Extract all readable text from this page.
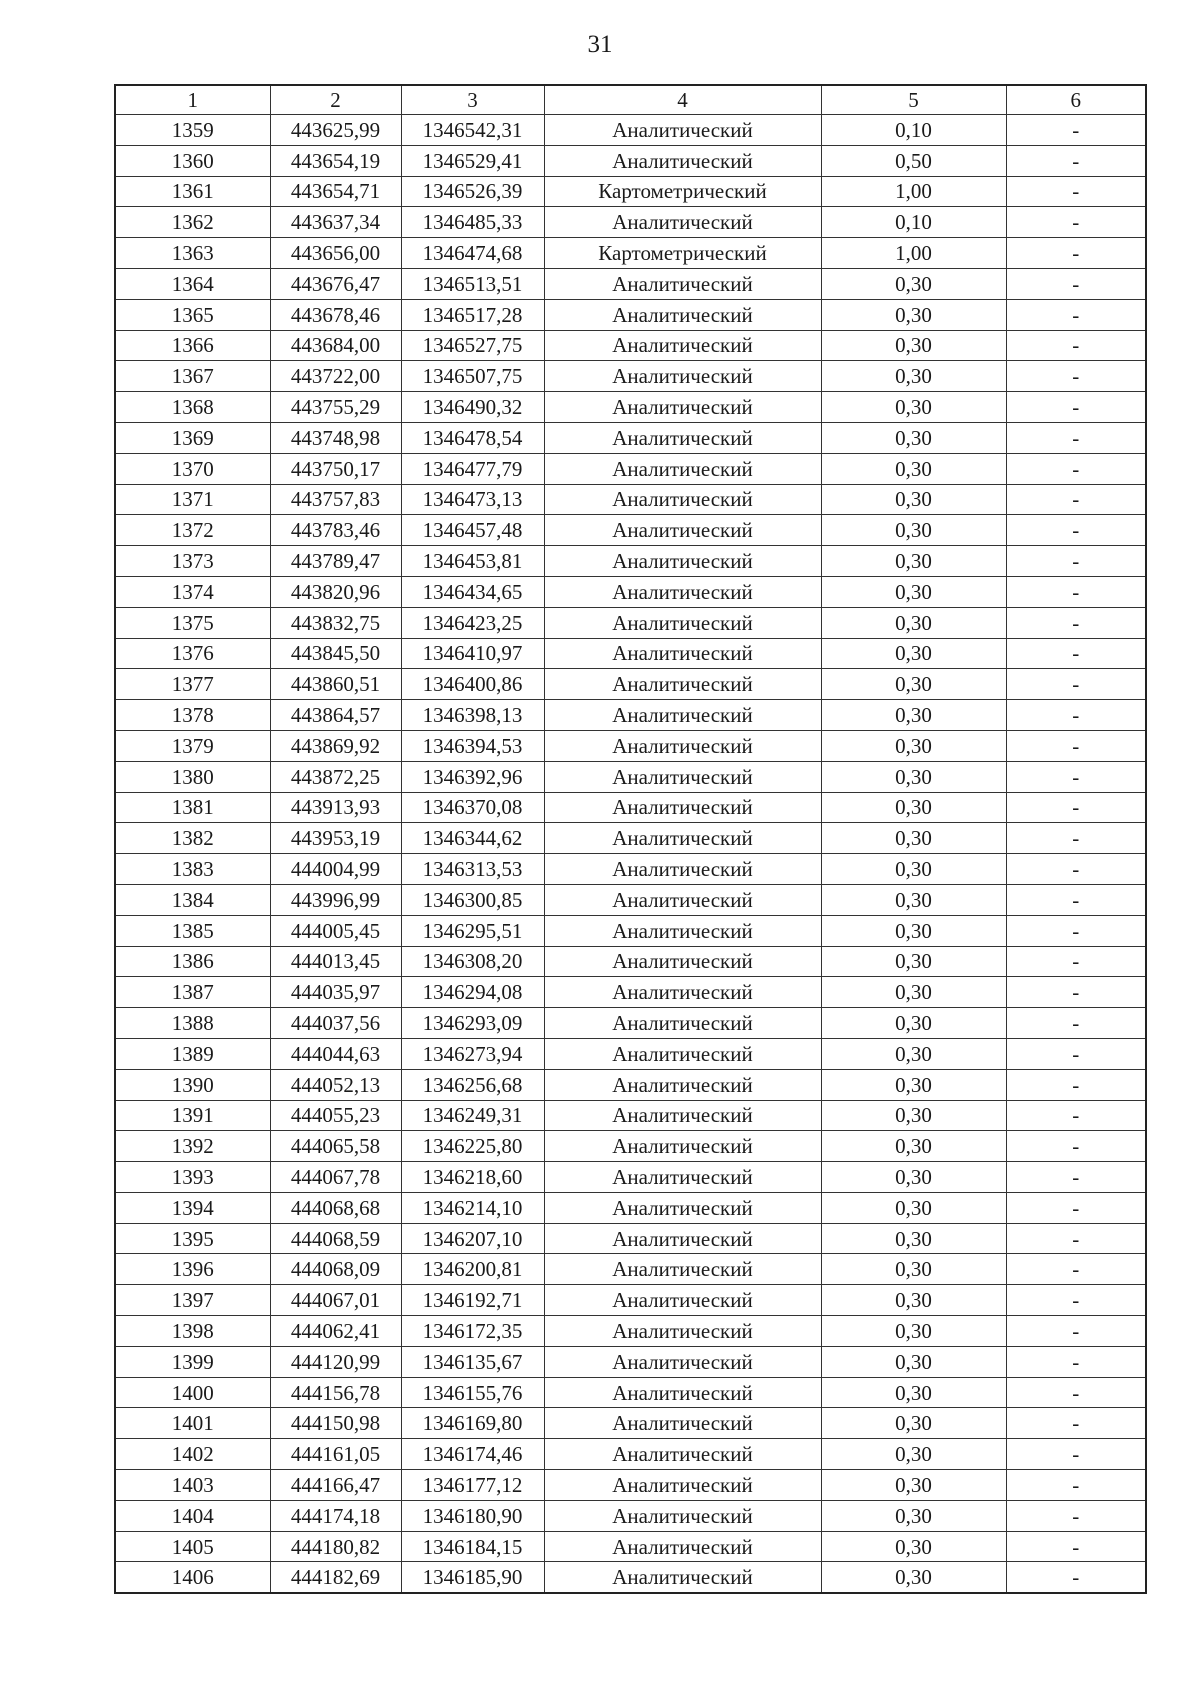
31
1	2	3	4	5	6
1359	443625,99	1346542,31	Аналитический	0,10	-
1360	443654,19	1346529,41	Аналитический	0,50	-
1361	443654,71	1346526,39	Картометрический	1,00	-
1362	443637,34	1346485,33	Аналитический	0,10	-
1363	443656,00	1346474,68	Картометрический	1,00	-
1364	443676,47	1346513,51	Аналитический	0,30	-
1365	443678,46	1346517,28	Аналитический	0,30	-
1366	443684,00	1346527,75	Аналитический	0,30	-
1367	443722,00	1346507,75	Аналитический	0,30	-
1368	443755,29	1346490,32	Аналитический	0,30	-
1369	443748,98	1346478,54	Аналитический	0,30	-
1370	443750,17	1346477,79	Аналитический	0,30	-
1371	443757,83	1346473,13	Аналитический	0,30	-
1372	443783,46	1346457,48	Аналитический	0,30	-
1373	443789,47	1346453,81	Аналитический	0,30	-
1374	443820,96	1346434,65	Аналитический	0,30	-
1375	443832,75	1346423,25	Аналитический	0,30	-
1376	443845,50	1346410,97	Аналитический	0,30	-
1377	443860,51	1346400,86	Аналитический	0,30	-
1378	443864,57	1346398,13	Аналитический	0,30	-
1379	443869,92	1346394,53	Аналитический	0,30	-
1380	443872,25	1346392,96	Аналитический	0,30	-
1381	443913,93	1346370,08	Аналитический	0,30	-
1382	443953,19	1346344,62	Аналитический	0,30	-
1383	444004,99	1346313,53	Аналитический	0,30	-
1384	443996,99	1346300,85	Аналитический	0,30	-
1385	444005,45	1346295,51	Аналитический	0,30	-
1386	444013,45	1346308,20	Аналитический	0,30	-
1387	444035,97	1346294,08	Аналитический	0,30	-
1388	444037,56	1346293,09	Аналитический	0,30	-
1389	444044,63	1346273,94	Аналитический	0,30	-
1390	444052,13	1346256,68	Аналитический	0,30	-
1391	444055,23	1346249,31	Аналитический	0,30	-
1392	444065,58	1346225,80	Аналитический	0,30	-
1393	444067,78	1346218,60	Аналитический	0,30	-
1394	444068,68	1346214,10	Аналитический	0,30	-
1395	444068,59	1346207,10	Аналитический	0,30	-
1396	444068,09	1346200,81	Аналитический	0,30	-
1397	444067,01	1346192,71	Аналитический	0,30	-
1398	444062,41	1346172,35	Аналитический	0,30	-
1399	444120,99	1346135,67	Аналитический	0,30	-
1400	444156,78	1346155,76	Аналитический	0,30	-
1401	444150,98	1346169,80	Аналитический	0,30	-
1402	444161,05	1346174,46	Аналитический	0,30	-
1403	444166,47	1346177,12	Аналитический	0,30	-
1404	444174,18	1346180,90	Аналитический	0,30	-
1405	444180,82	1346184,15	Аналитический	0,30	-
1406	444182,69	1346185,90	Аналитический	0,30	-
